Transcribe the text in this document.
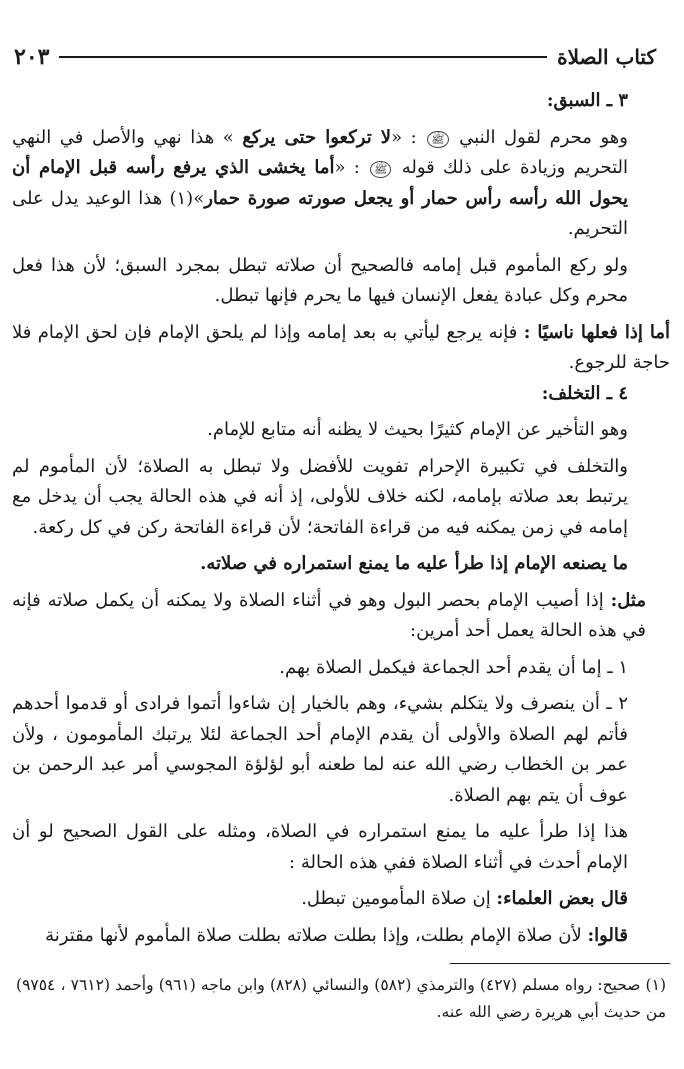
كتاب الصلاة
٢٠٣

٣ ـ السبق:

وهو محرم لقول النبي ﷺ : «لا تركعوا حتى يركع » هذا نهي والأصل في النهي التحريم وزيادة على ذلك قوله ﷺ : «أما يخشى الذي يرفع رأسه قبل الإمام أن يحول الله رأسه رأس حمار أو يجعل صورته صورة حمار»(١) هذا الوعيد يدل على التحريم.

ولو ركع المأموم قبل إمامه فالصحيح أن صلاته تبطل بمجرد السبق؛ لأن هذا فعل محرم وكل عبادة يفعل الإنسان فيها ما يحرم فإنها تبطل.

أما إذا فعلها ناسيًا : فإنه يرجع ليأتي به بعد إمامه وإذا لم يلحق الإمام فإن لحق الإمام فلا حاجة للرجوع.

٤ ـ التخلف:

وهو التأخير عن الإمام كثيرًا بحيث لا يظنه أنه متابع للإمام.

والتخلف في تكبيرة الإحرام تفويت للأفضل ولا تبطل به الصلاة؛ لأن المأموم لم يرتبط بعد صلاته بإمامه، لكنه خلاف للأولى، إذ أنه في هذه الحالة يجب أن يدخل مع إمامه في زمن يمكنه فيه من قراءة الفاتحة؛ لأن قراءة الفاتحة ركن في كل ركعة.

ما يصنعه الإمام إذا طرأ عليه ما يمنع استمراره في صلاته.

مثل: إذا أصيب الإمام بحصر البول وهو في أثناء الصلاة ولا يمكنه أن يكمل صلاته فإنه في هذه الحالة يعمل أحد أمرين:

١ ـ إما أن يقدم أحد الجماعة فيكمل الصلاة بهم.

٢ ـ أن ينصرف ولا يتكلم بشيء، وهم بالخيار إن شاءوا أتموا فرادى أو قدموا أحدهم فأتم لهم الصلاة والأولى أن يقدم الإمام أحد الجماعة لئلا يرتبك المأمومون ، ولأن عمر بن الخطاب رضي الله عنه لما طعنه أبو لؤلؤة المجوسي أمر عبد الرحمن بن عوف أن يتم بهم الصلاة.

هذا إذا طرأ عليه ما يمنع استمراره في الصلاة، ومثله على القول الصحيح لو أن الإمام أحدث في أثناء الصلاة ففي هذه الحالة :

قال بعض العلماء: إن صلاة المأمومين تبطل.

قالوا: لأن صلاة الإمام بطلت، وإذا بطلت صلاته بطلت صلاة المأموم لأنها مقترنة

(١) صحيح: رواه مسلم (٤٢٧) والترمذي (٥٨٢) والنسائي (٨٢٨) وابن ماجه (٩٦١) وأحمد (٧٦١٢ ، ٩٧٥٤) من حديث أبي هريرة رضي الله عنه.
